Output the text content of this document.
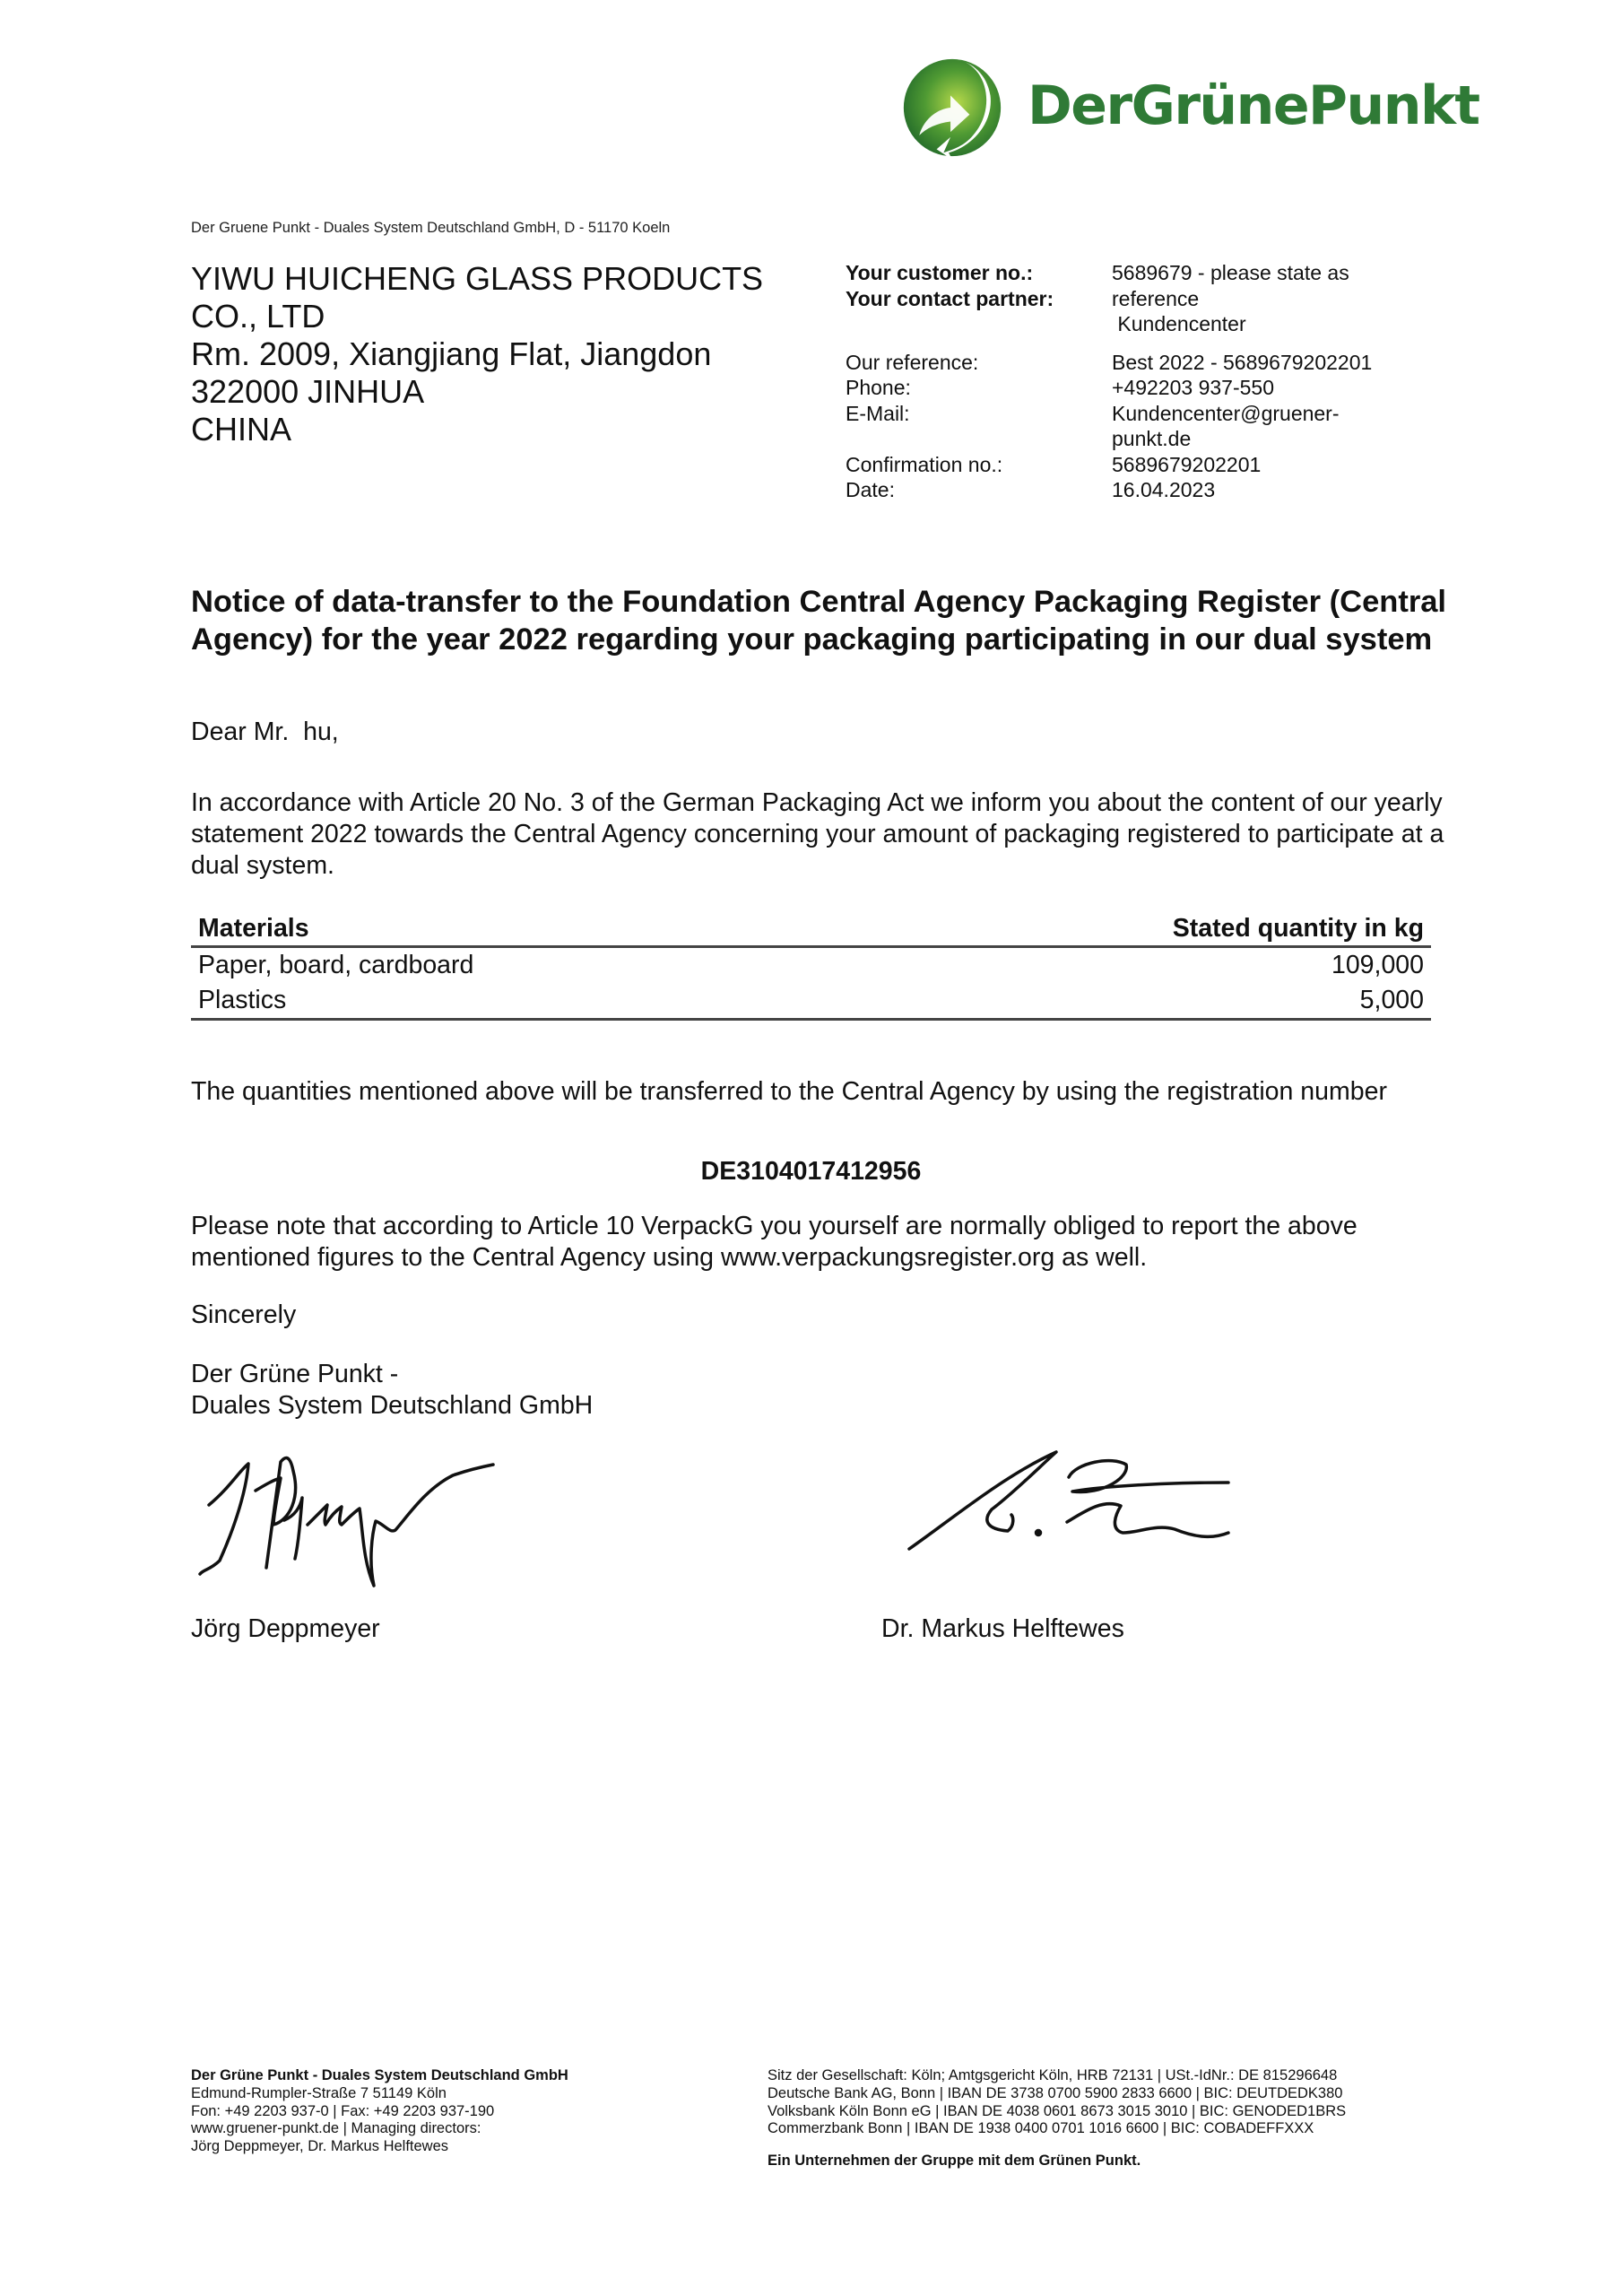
DerGrünePunkt
Der Gruene Punkt - Duales System Deutschland GmbH, D - 51170 Koeln
YIWU HUICHENG GLASS PRODUCTS
CO., LTD
Rm. 2009, Xiangjiang Flat, Jiangdon
322000 JINHUA
CHINA
Your customer no.:	5689679 - please state as
Your contact partner:	reference
Kundencenter
Our reference:	Best 2022 - 5689679202201
Phone:	+492203 937-550
E-Mail:	Kundencenter@gruener-
punkt.de
Confirmation no.:	5689679202201
Date:	16.04.2023
Notice of data-transfer to the Foundation Central Agency Packaging Register (Central Agency) for the year 2022 regarding your packaging participating in our dual system
Dear Mr.  hu,
In accordance with Article 20 No. 3 of the German Packaging Act we inform you about the content of our yearly statement 2022 towards the Central Agency concerning your amount of packaging registered to participate at a dual system.
Materials	Stated quantity in kg
Paper, board, cardboard	109,000
Plastics	5,000
The quantities mentioned above will be transferred to the Central Agency by using the registration number
DE3104017412956
Please note that according to Article 10 VerpackG you yourself are normally obliged to report the above mentioned figures to the Central Agency using www.verpackungsregister.org as well.
Sincerely
Der Grüne Punkt -
Duales System Deutschland GmbH
Jörg Deppmeyer	Dr. Markus Helftewes
Der Grüne Punkt - Duales System Deutschland GmbH
Edmund-Rumpler-Straße 7 51149 Köln
Fon: +49 2203 937-0 | Fax: +49 2203 937-190
www.gruener-punkt.de | Managing directors:
Jörg Deppmeyer, Dr. Markus Helftewes
Sitz der Gesellschaft: Köln; Amtgsgericht Köln, HRB 72131 | USt.-IdNr.: DE 815296648
Deutsche Bank AG, Bonn | IBAN DE 3738 0700 5900 2833 6600 | BIC: DEUTDEDK380
Volksbank Köln Bonn eG | IBAN DE 4038 0601 8673 3015 3010 | BIC: GENODED1BRS
Commerzbank Bonn | IBAN DE 1938 0400 0701 1016 6600 | BIC: COBADEFFXXX
Ein Unternehmen der Gruppe mit dem Grünen Punkt.
